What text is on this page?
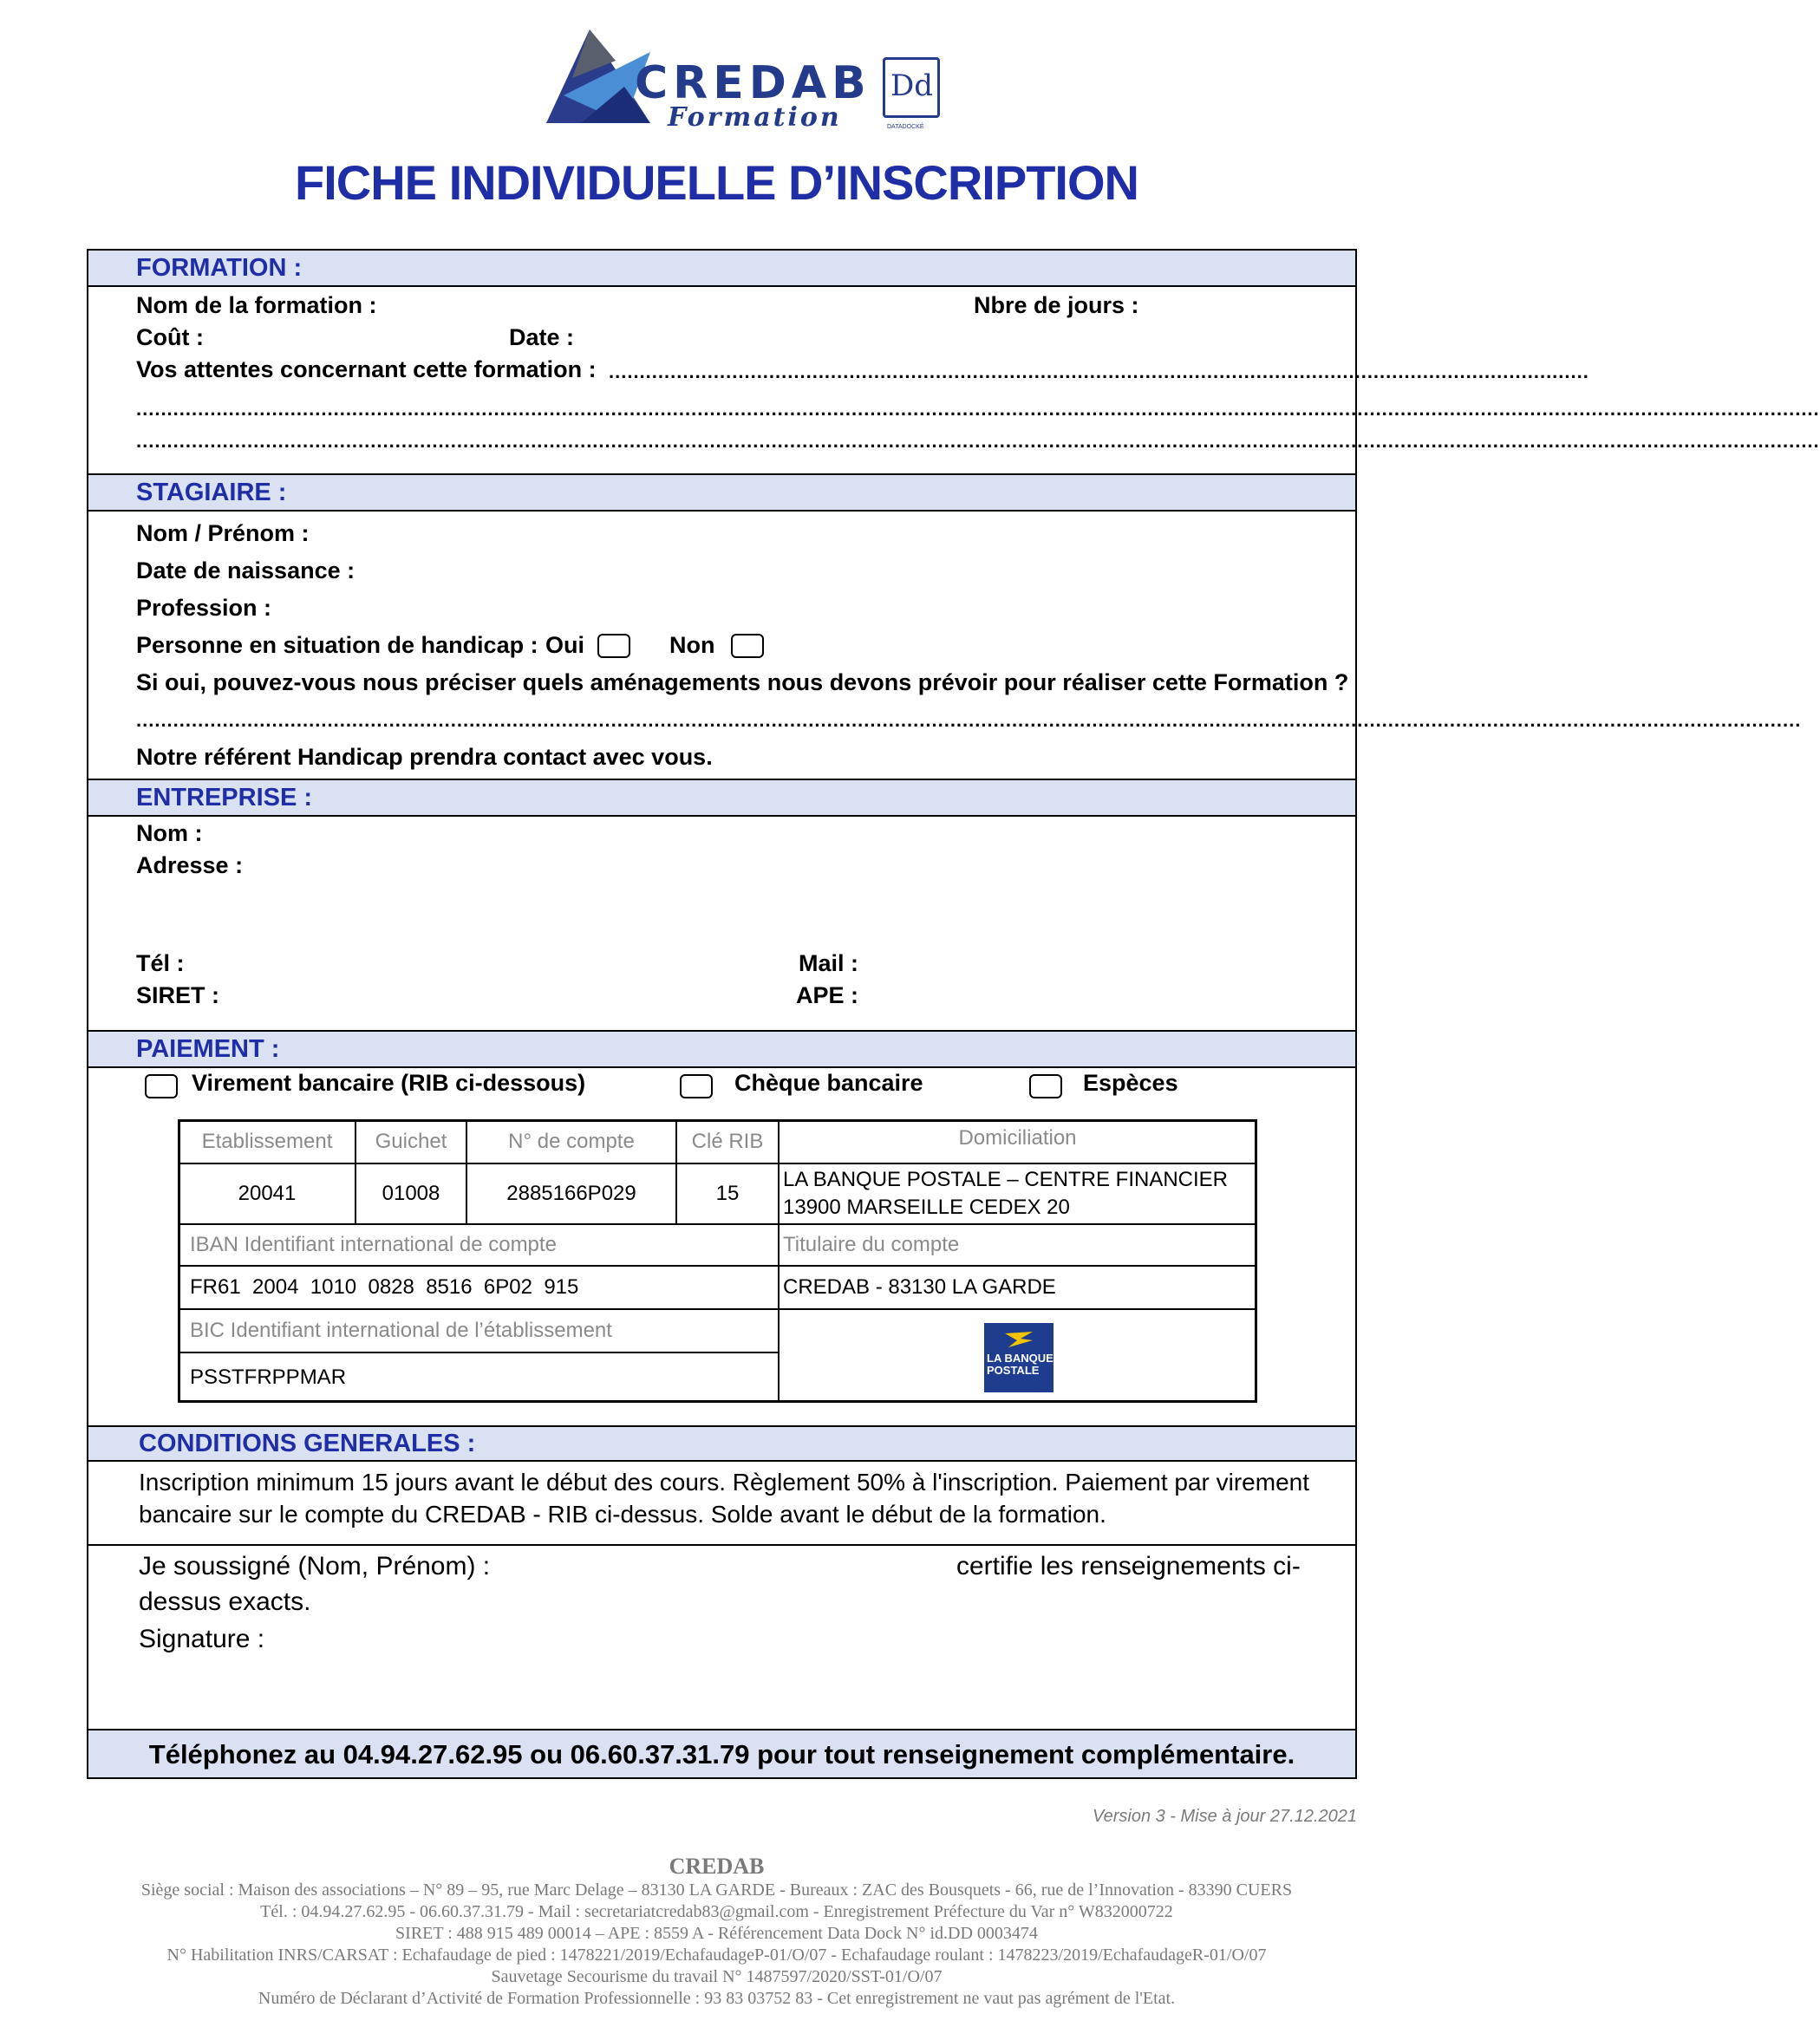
CREDAB
Formation
Dd
DATADOCKÉ
FICHE INDIVIDUELLE D’INSCRIPTION
FORMATION :
Nom de la formation :	Nbre de jours :
Coût :	Date :
Vos attentes concernant cette formation : ...............................................................................................................................................................
.................................................................................................................................................................................................................................................................................
.................................................................................................................................................................................................................................................................................
STAGIAIRE :
Nom / Prénom :
Date de naissance :
Profession :
Personne en situation de handicap : Oui	Non
Si oui, pouvez-vous nous préciser quels aménagements nous devons prévoir pour réaliser cette Formation ?
..............................................................................................................................................................................................................................................................................
Notre référent Handicap prendra contact avec vous.
ENTREPRISE :
Nom :
Adresse :
Tél :	Mail :
SIRET :	APE :
PAIEMENT :
Virement bancaire (RIB ci-dessous)	Chèque bancaire	Espèces
Etablissement	Guichet	N° de compte	Clé RIB	Domiciliation
20041	01008	2885166P029	15
LA BANQUE POSTALE – CENTRE FINANCIER
13900 MARSEILLE CEDEX 20
IBAN Identifiant international de compte	Titulaire du compte
FR61  2004  1010  0828  8516  6P02  915	CREDAB - 83130 LA GARDE
BIC Identifiant international de l’établissement
PSSTFRPPMAR
LA BANQUE POSTALE
CONDITIONS GENERALES :
Inscription minimum 15 jours avant le début des cours. Règlement 50% à l'inscription. Paiement par virement
bancaire sur le compte du CREDAB - RIB ci-dessus. Solde avant le début de la formation.
Je soussigné (Nom, Prénom) :	certifie les renseignements ci-
dessus exacts.
Signature :
Téléphonez au 04.94.27.62.95 ou 06.60.37.31.79 pour tout renseignement complémentaire.
Version 3 - Mise à jour 27.12.2021
CREDAB
Siège social : Maison des associations – N° 89 – 95, rue Marc Delage – 83130 LA GARDE - Bureaux : ZAC des Bousquets - 66, rue de l’Innovation - 83390 CUERS
Tél. : 04.94.27.62.95 - 06.60.37.31.79 - Mail : secretariatcredab83@gmail.com - Enregistrement Préfecture du Var n° W832000722
SIRET : 488 915 489 00014 – APE : 8559 A - Référencement Data Dock N° id.DD 0003474
N° Habilitation INRS/CARSAT : Echafaudage de pied : 1478221/2019/EchafaudageP-01/O/07 - Echafaudage roulant : 1478223/2019/EchafaudageR-01/O/07
Sauvetage Secourisme du travail N° 1487597/2020/SST-01/O/07
Numéro de Déclarant d’Activité de Formation Professionnelle : 93 83 03752 83 - Cet enregistrement ne vaut pas agrément de l'Etat.
